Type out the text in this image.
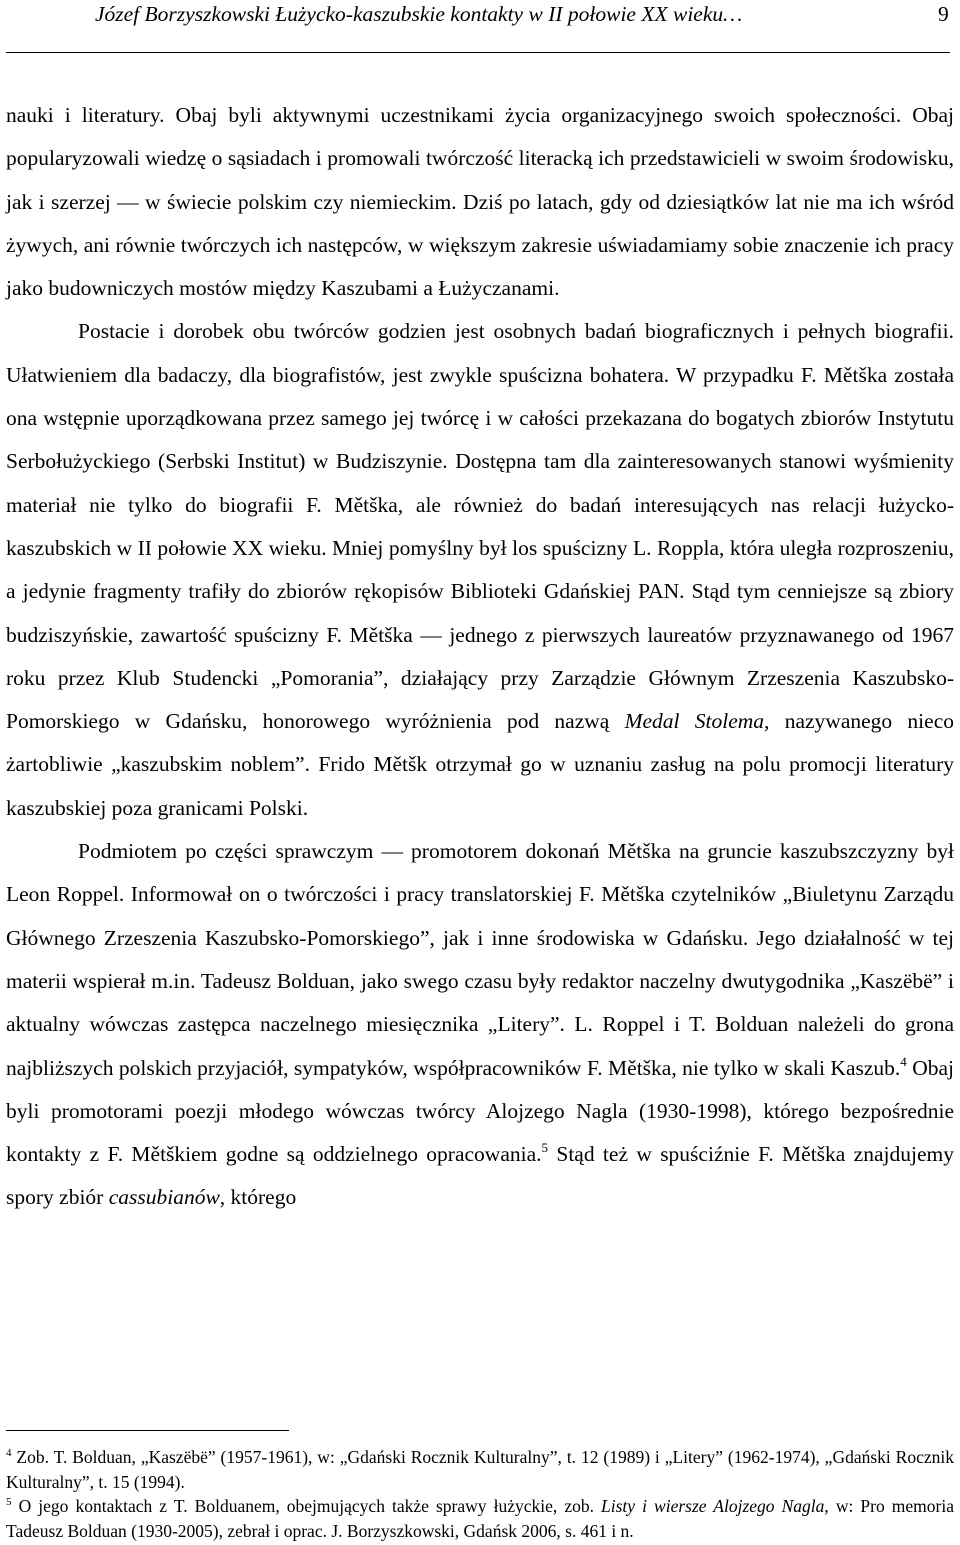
Józef Borzyszkowski Łużycko-kaszubskie kontakty w II połowie XX wieku…	9

nauki i literatury. Obaj byli aktywnymi uczestnikami życia organizacyjnego swoich społeczności. Obaj popularyzowali wiedzę o sąsiadach i promowali twórczość literacką ich przedstawicieli w swoim środowisku, jak i szerzej — w świecie polskim czy niemieckim. Dziś po latach, gdy od dziesiątków lat nie ma ich wśród żywych, ani równie twórczych ich następców, w większym zakresie uświadamiamy sobie znaczenie ich pracy jako budowniczych mostów między Kaszubami a Łużyczanami.

Postacie i dorobek obu twórców godzien jest osobnych badań biograficznych i pełnych biografii. Ułatwieniem dla badaczy, dla biografistów, jest zwykle spuścizna bohatera. W przypadku F. Mětška została ona wstępnie uporządkowana przez samego jej twórcę i w całości przekazana do bogatych zbiorów Instytutu Serbołużyckiego (Serbski Institut) w Budziszynie. Dostępna tam dla zainteresowanych stanowi wyśmienity materiał nie tylko do biografii F. Mětška, ale również do badań interesujących nas relacji łużycko-kaszubskich w II połowie XX wieku. Mniej pomyślny był los spuścizny L. Roppla, która uległa rozproszeniu, a jedynie fragmenty trafiły do zbiorów rękopisów Biblioteki Gdańskiej PAN. Stąd tym cenniejsze są zbiory budziszyńskie, zawartość spuścizny F. Mětška — jednego z pierwszych laureatów przyznawanego od 1967 roku przez Klub Studencki „Pomorania”, działający przy Zarządzie Głównym Zrzeszenia Kaszubsko-Pomorskiego w Gdańsku, honorowego wyróżnienia pod nazwą Medal Stolema, nazywanego nieco żartobliwie „kaszubskim noblem”. Frido Mětšk otrzymał go w uznaniu zasług na polu promocji literatury kaszubskiej poza granicami Polski.

Podmiotem po części sprawczym — promotorem dokonań Mětška na gruncie kaszubszczyzny był Leon Roppel. Informował on o twórczości i pracy translatorskiej F. Mětška czytelników „Biuletynu Zarządu Głównego Zrzeszenia Kaszubsko-Pomorskiego”, jak i inne środowiska w Gdańsku. Jego działalność w tej materii wspierał m.in. Tadeusz Bolduan, jako swego czasu były redaktor naczelny dwutygodnika „Kaszëbë” i aktualny wówczas zastępca naczelnego miesięcznika „Litery”. L. Roppel i T. Bolduan należeli do grona najbliższych polskich przyjaciół, sympatyków, współpracowników F. Mětška, nie tylko w skali Kaszub.$^4$ Obaj byli promotorami poezji młodego wówczas twórcy Alojzego Nagla (1930-1998), którego bezpośrednie kontakty z F. Mětškiem godne są oddzielnego opracowania.$^5$ Stąd też w spuściźnie F. Mětška znajdujemy spory zbiór cassubianów, którego

$^4$ Zob. T. Bolduan, „Kaszëbë” (1957-1961), w: „Gdański Rocznik Kulturalny”, t. 12 (1989) i „Litery” (1962-1974), „Gdański Rocznik Kulturalny”, t. 15 (1994).

$^5$ O jego kontaktach z T. Bolduanem, obejmujących także sprawy łużyckie, zob. Listy i wiersze Alojzego Nagla, w: Pro memoria Tadeusz Bolduan (1930-2005), zebrał i oprac. J. Borzyszkowski, Gdańsk 2006, s. 461 i n.
